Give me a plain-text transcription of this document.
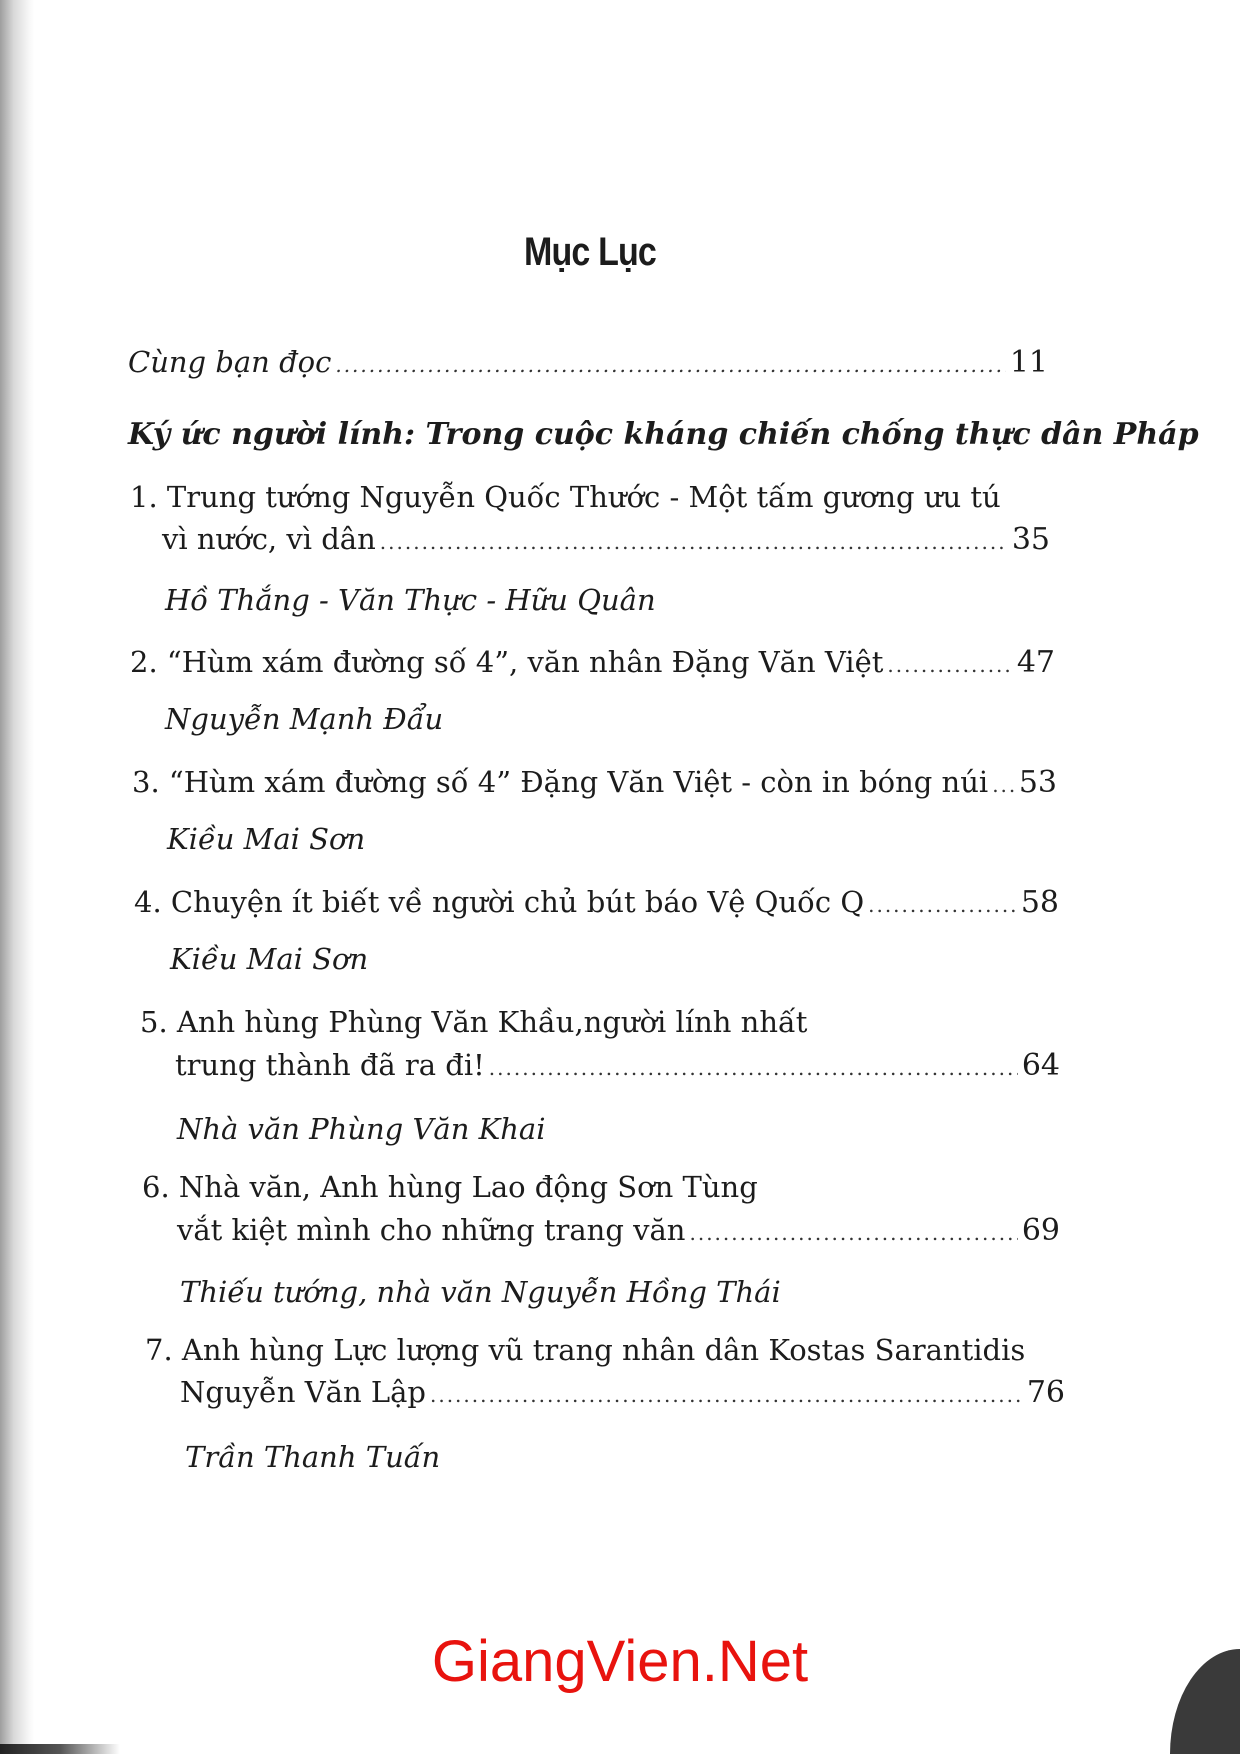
Mục Lục
Cùng bạn đọc .....	11
Ký ức người lính: Trong cuộc kháng chiến chống thực dân Pháp
1. Trung tướng Nguyễn Quốc Thước - Một tấm gương ưu tú
vì nước, vì dân .....	35
Hồ Thắng - Văn Thực - Hữu Quân
2. “Hùm xám đường số 4”, văn nhân Đặng Văn Việt .....	47
Nguyễn Mạnh Đẩu
3. “Hùm xám đường số 4” Đặng Văn Việt - còn in bóng núi ..... 53
Kiều Mai Sơn
4. Chuyện ít biết về người chủ bút báo Vệ Quốc Q .....	58
Kiều Mai Sơn
5. Anh hùng Phùng Văn Khầu,người lính nhất
trung thành đã ra đi! .....	64
Nhà văn Phùng Văn Khai
6. Nhà văn, Anh hùng Lao động Sơn Tùng
vắt kiệt mình cho những trang văn .....	69
Thiếu tướng, nhà văn Nguyễn Hồng Thái
7. Anh hùng Lực lượng vũ trang nhân dân Kostas Sarantidis
Nguyễn Văn Lập .....	76
Trần Thanh Tuấn
GiangVien.Net
